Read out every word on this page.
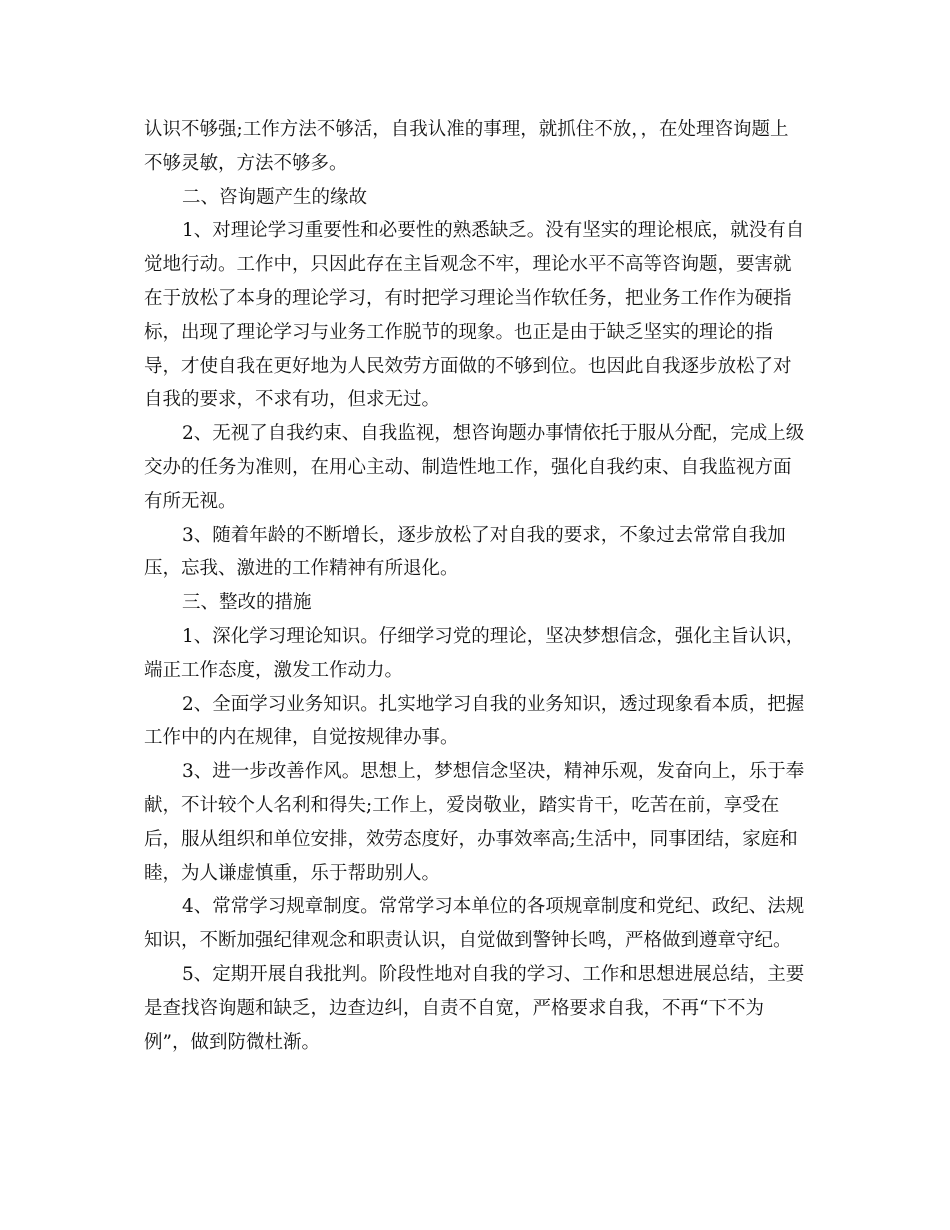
认识不够强;工作方法不够活，自我认准的事理，就抓住不放，，在处理咨询题上
不够灵敏，方法不够多。
二、咨询题产生的缘故
1、对理论学习重要性和必要性的熟悉缺乏。没有坚实的理论根底，就没有自
觉地行动。工作中，只因此存在主旨观念不牢，理论水平不高等咨询题，要害就
在于放松了本身的理论学习，有时把学习理论当作软任务，把业务工作作为硬指
标，出现了理论学习与业务工作脱节的现象。也正是由于缺乏坚实的理论的指
导，才使自我在更好地为人民效劳方面做的不够到位。也因此自我逐步放松了对
自我的要求，不求有功，但求无过。
2、无视了自我约束、自我监视，想咨询题办事情依托于服从分配，完成上级
交办的任务为准则，在用心主动、制造性地工作，强化自我约束、自我监视方面
有所无视。
3、随着年龄的不断增长，逐步放松了对自我的要求，不象过去常常自我加
压，忘我、激进的工作精神有所退化。
三、整改的措施
1、深化学习理论知识。仔细学习党的理论，坚决梦想信念，强化主旨认识，
端正工作态度，激发工作动力。
2、全面学习业务知识。扎实地学习自我的业务知识，透过现象看本质，把握
工作中的内在规律，自觉按规律办事。
3、进一步改善作风。思想上，梦想信念坚决，精神乐观，发奋向上，乐于奉
献，不计较个人名利和得失;工作上，爱岗敬业，踏实肯干，吃苦在前，享受在
后，服从组织和单位安排，效劳态度好，办事效率高;生活中，同事团结，家庭和
睦，为人谦虚慎重，乐于帮助别人。
4、常常学习规章制度。常常学习本单位的各项规章制度和党纪、政纪、法规
知识，不断加强纪律观念和职责认识，自觉做到警钟长鸣，严格做到遵章守纪。
5、定期开展自我批判。阶段性地对自我的学习、工作和思想进展总结，主要
是查找咨询题和缺乏，边查边纠，自责不自宽，严格要求自我，不再“下不为
例”，做到防微杜渐。
